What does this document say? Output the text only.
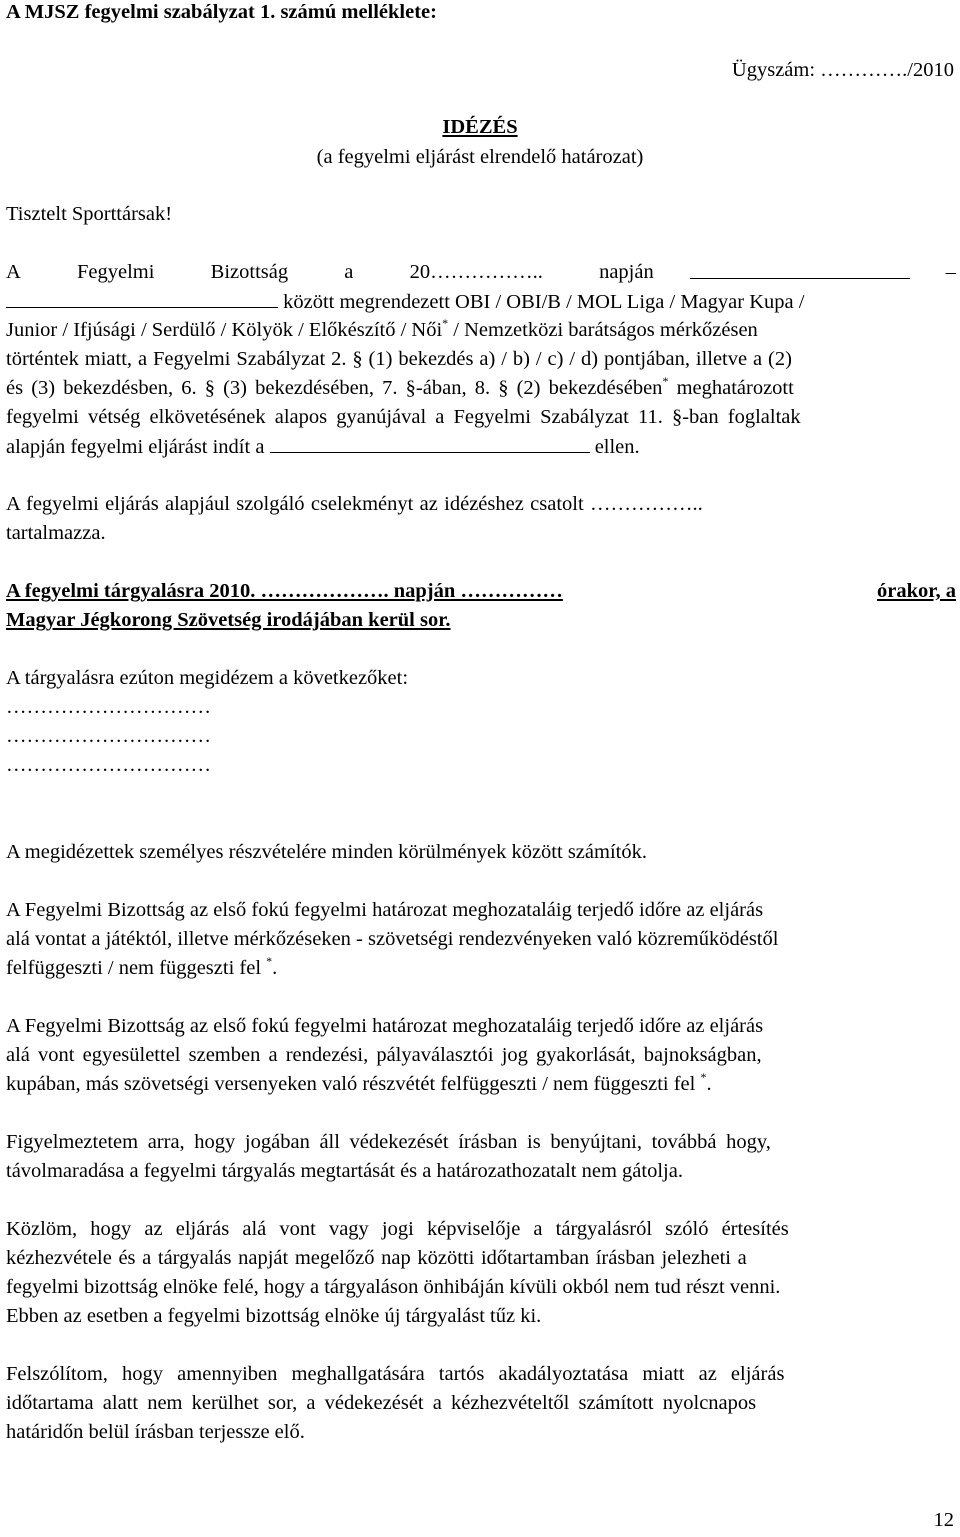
A MJSZ fegyelmi szabályzat 1. számú melléklete:
Ügyszám: …………./2010
IDÉZÉS
(a fegyelmi eljárást elrendelő határozat)
Tisztelt Sporttársak!
A	Fegyelmi	Bizottság	a	20……………..	napján	–
között megrendezett OBI / OBI/B / MOL Liga / Magyar Kupa /
Junior / Ifjúsági / Serdülő / Kölyök / Előkészítő / Női* / Nemzetközi barátságos mérkőzésen
történtek miatt, a Fegyelmi Szabályzat 2. § (1) bekezdés a) / b) / c) / d) pontjában, illetve a (2)
és (3) bekezdésben, 6. § (3) bekezdésében, 7. §-ában, 8. § (2) bekezdésében* meghatározott
fegyelmi vétség elkövetésének alapos gyanújával a Fegyelmi Szabályzat 11. §-ban foglaltak
alapján fegyelmi eljárást indít a	ellen.
A fegyelmi eljárás alapjául szolgáló cselekményt az idézéshez csatolt ……………..
tartalmazza.
A fegyelmi tárgyalásra 2010. ………………. napján ……………	órakor, a
Magyar Jégkorong Szövetség irodájában kerül sor.
A tárgyalásra ezúton megidézem a következőket:
…………………………
…………………………
…………………………
A megidézettek személyes részvételére minden körülmények között számítók.
A Fegyelmi Bizottság az első fokú fegyelmi határozat meghozataláig terjedő időre az eljárás
alá vontat a játéktól, illetve mérkőzéseken - szövetségi rendezvényeken való közreműködéstől
felfüggeszti / nem függeszti fel *.
A Fegyelmi Bizottság az első fokú fegyelmi határozat meghozataláig terjedő időre az eljárás
alá vont egyesülettel szemben a rendezési, pályaválasztói jog gyakorlását, bajnokságban,
kupában, más szövetségi versenyeken való részvétét felfüggeszti / nem függeszti fel *.
Figyelmeztetem arra, hogy jogában áll védekezését írásban is benyújtani, továbbá hogy,
távolmaradása a fegyelmi tárgyalás megtartását és a határozathozatalt nem gátolja.
Közlöm, hogy az eljárás alá vont vagy jogi képviselője a tárgyalásról szóló értesítés
kézhezvétele és a tárgyalás napját megelőző nap közötti időtartamban írásban jelezheti a
fegyelmi bizottság elnöke felé, hogy a tárgyaláson önhibáján kívüli okból nem tud részt venni.
Ebben az esetben a fegyelmi bizottság elnöke új tárgyalást tűz ki.
Felszólítom, hogy amennyiben meghallgatására tartós akadályoztatása miatt az eljárás
időtartama alatt nem kerülhet sor, a védekezését a kézhezvételtől számított nyolcnapos
határidőn belül írásban terjessze elő.
12
